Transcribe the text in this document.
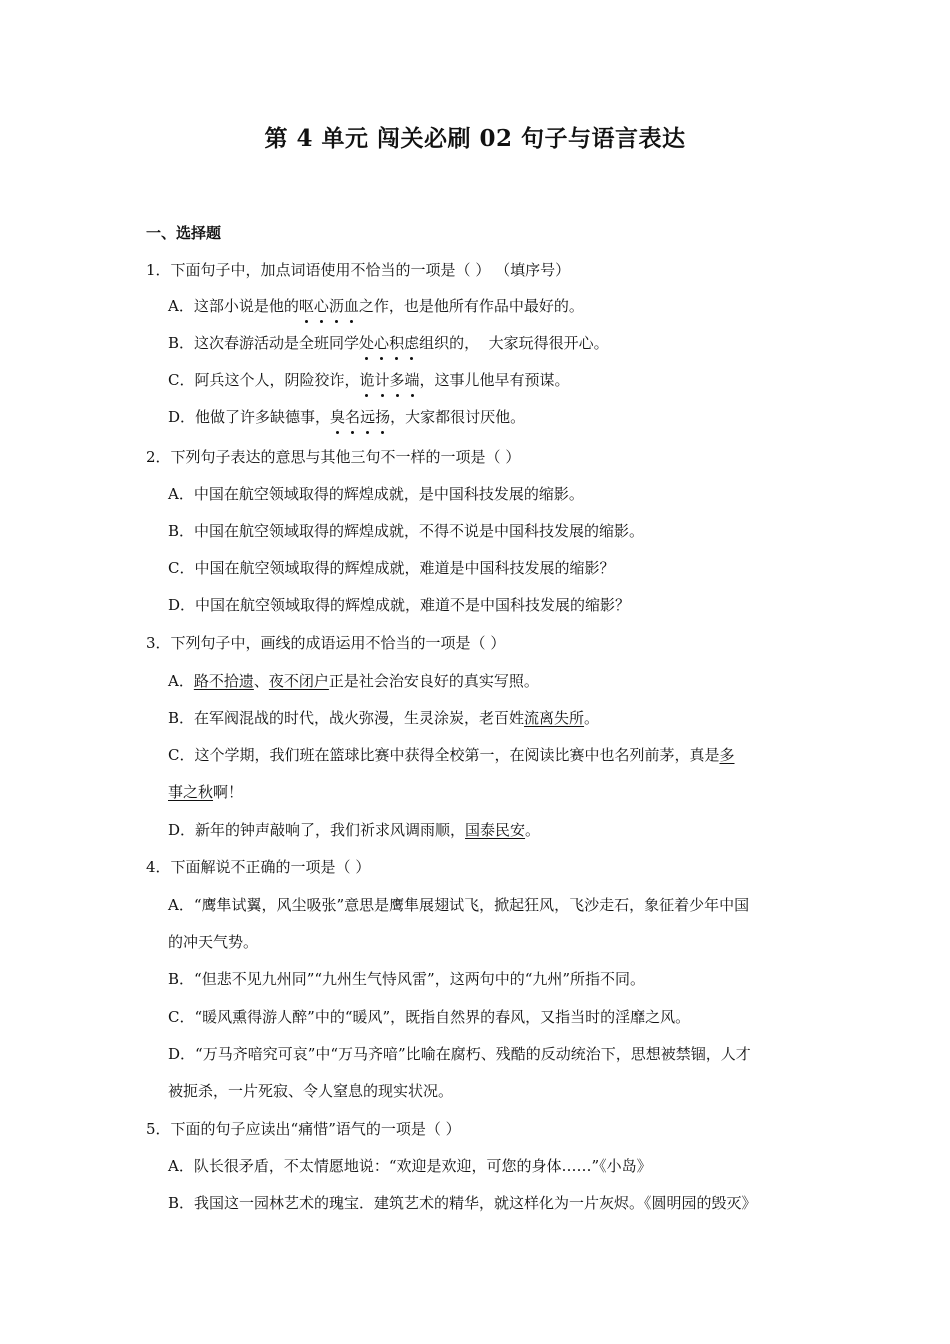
第 4 单元 闯关必刷 02 句子与语言表达
一、选择题
1．下面句子中，加点词语使用不恰当的一项是（ ） （填序号）
A．这部小说是他的呕心沥血之作，也是他所有作品中最好的。
B．这次春游活动是全班同学处心积虑组织的，  大家玩得很开心。
C．阿兵这个人，阴险狡诈，诡计多端，这事儿他早有预谋。
D．他做了许多缺德事，臭名远扬，大家都很讨厌他。
2．下列句子表达的意思与其他三句不一样的一项是（ ）
A．中国在航空领域取得的辉煌成就，是中国科技发展的缩影。
B．中国在航空领域取得的辉煌成就，不得不说是中国科技发展的缩影。
C．中国在航空领域取得的辉煌成就，难道是中国科技发展的缩影？
D．中国在航空领域取得的辉煌成就，难道不是中国科技发展的缩影？
3．下列句子中，画线的成语运用不恰当的一项是（ ）
A．路不拾遗、夜不闭户正是社会治安良好的真实写照。
B．在军阀混战的时代，战火弥漫，生灵涂炭，老百姓流离失所。
C．这个学期，我们班在篮球比赛中获得全校第一，在阅读比赛中也名列前茅，真是多
事之秋啊！
D．新年的钟声敲响了，我们祈求风调雨顺，国泰民安。
4．下面解说不正确的一项是（ ）
A．“鹰隼试翼，风尘吸张”意思是鹰隼展翅试飞，掀起狂风，飞沙走石，象征着少年中国
的冲天气势。
B．“但悲不见九州同”“九州生气恃风雷”，这两句中的“九州”所指不同。
C．“暖风熏得游人醉”中的“暖风”，既指自然界的春风，又指当时的淫靡之风。
D．“万马齐喑究可哀”中“万马齐喑”比喻在腐朽、残酷的反动统治下，思想被禁锢，人才
被扼杀，一片死寂、令人窒息的现实状况。
5．下面的句子应读出“痛惜”语气的一项是（ ）
A．队长很矛盾，不太情愿地说：“欢迎是欢迎，可您的身体……”《小岛》
B．我国这一园林艺术的瑰宝．建筑艺术的精华，就这样化为一片灰烬。《圆明园的毁灭》
